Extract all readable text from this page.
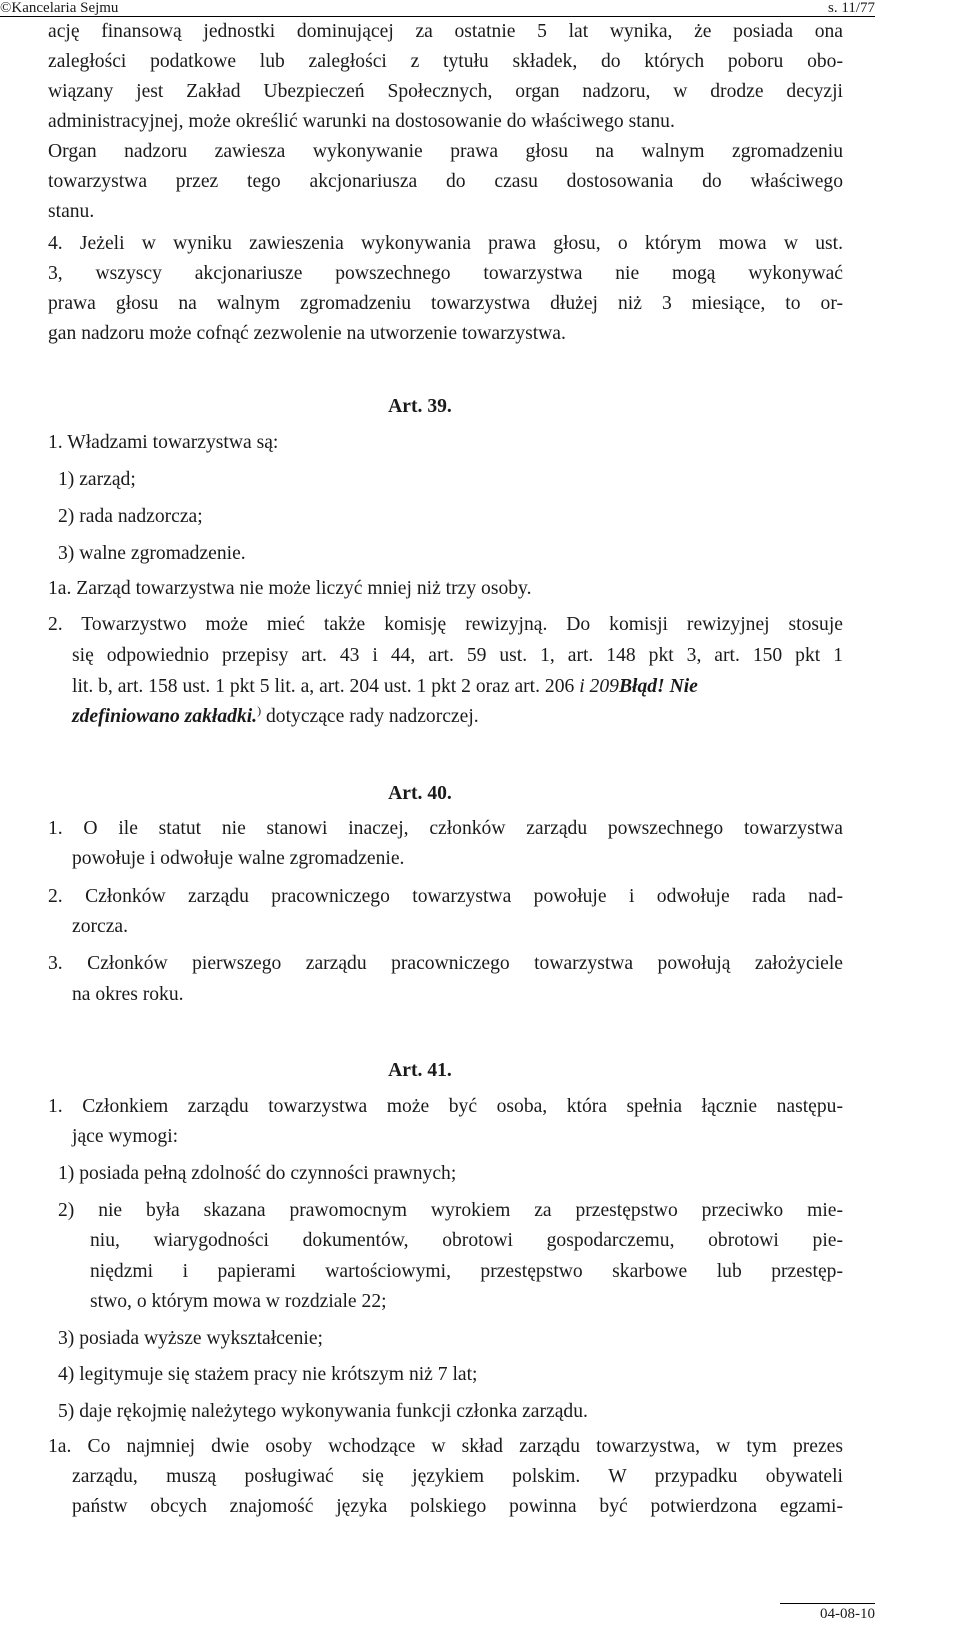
©Kancelaria Sejmu	s. 11/77
ację finansową jednostki dominującej za ostatnie 5 lat wynika, że posiada ona
zaległości podatkowe lub zaległości z tytułu składek, do których poboru obo-
wiązany jest Zakład Ubezpieczeń Społecznych, organ nadzoru, w drodze decyzji
administracyjnej, może określić warunki na dostosowanie do właściwego stanu.
Organ nadzoru zawiesza wykonywanie prawa głosu na walnym zgromadzeniu
towarzystwa przez tego akcjonariusza do czasu dostosowania do właściwego
stanu.
4. Jeżeli w wyniku zawieszenia wykonywania prawa głosu, o którym mowa w ust.
3, wszyscy akcjonariusze powszechnego towarzystwa nie mogą wykonywać
prawa głosu na walnym zgromadzeniu towarzystwa dłużej niż 3 miesiące, to or-
gan nadzoru może cofnąć zezwolenie na utworzenie towarzystwa.
Art. 39.
1. Władzami towarzystwa są:
1) zarząd;
2) rada nadzorcza;
3) walne zgromadzenie.
1a. Zarząd towarzystwa nie może liczyć mniej niż trzy osoby.
2. Towarzystwo może mieć także komisję rewizyjną. Do komisji rewizyjnej stosuje
się odpowiednio przepisy art. 43 i 44, art. 59 ust. 1, art. 148 pkt 3, art. 150 pkt 1
lit. b, art. 158 ust. 1 pkt 5 lit. a, art. 204 ust. 1 pkt 2 oraz art. 206 i 209Błąd! Nie
zdefiniowano zakładki.) dotyczące rady nadzorczej.
Art. 40.
1. O ile statut nie stanowi inaczej, członków zarządu powszechnego towarzystwa
powołuje i odwołuje walne zgromadzenie.
2. Członków zarządu pracowniczego towarzystwa powołuje i odwołuje rada nad-
zorcza.
3. Członków pierwszego zarządu pracowniczego towarzystwa powołują założyciele
na okres roku.
Art. 41.
1. Członkiem zarządu towarzystwa może być osoba, która spełnia łącznie następu-
jące wymogi:
1) posiada pełną zdolność do czynności prawnych;
2) nie była skazana prawomocnym wyrokiem za przestępstwo przeciwko mie-
niu, wiarygodności dokumentów, obrotowi gospodarczemu, obrotowi pie-
niędzmi i papierami wartościowymi, przestępstwo skarbowe lub przestęp-
stwo, o którym mowa w rozdziale 22;
3) posiada wyższe wykształcenie;
4) legitymuje się stażem pracy nie krótszym niż 7 lat;
5) daje rękojmię należytego wykonywania funkcji członka zarządu.
1a. Co najmniej dwie osoby wchodzące w skład zarządu towarzystwa, w tym prezes
zarządu, muszą posługiwać się językiem polskim. W przypadku obywateli
państw obcych znajomość języka polskiego powinna być potwierdzona egzami-
04-08-10
